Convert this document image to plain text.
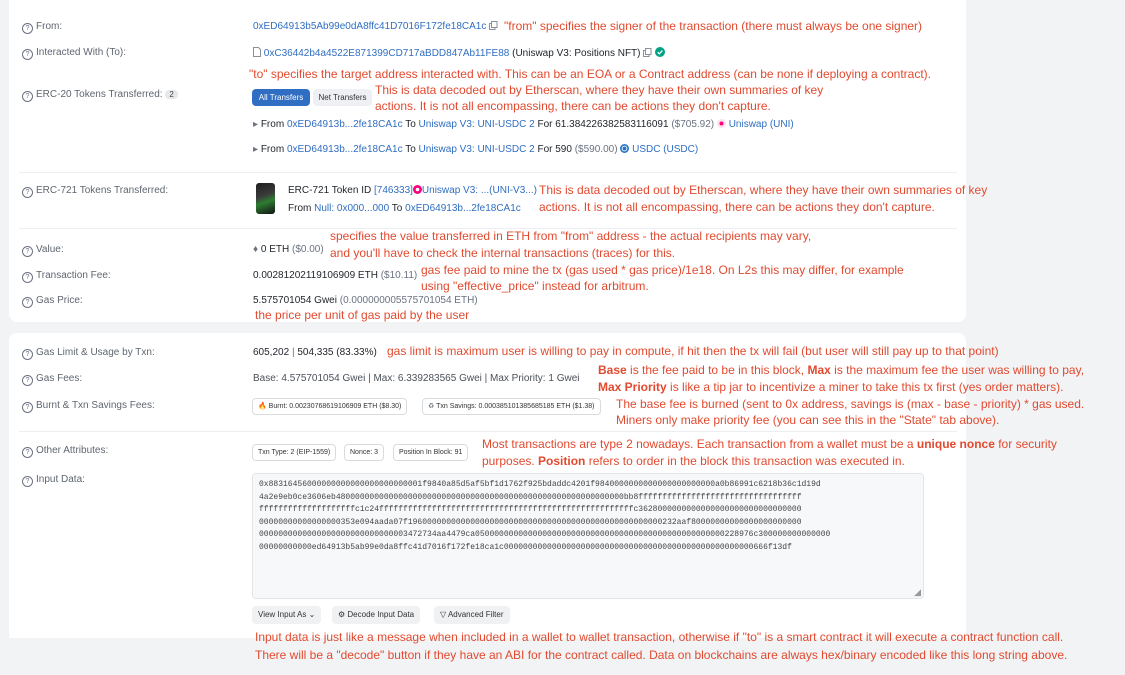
? From:	0xED64913b5Ab99e0dA8ffc41D7016F172fe18CA1c	"from" specifies the signer of the transaction (there must always be one signer)
? Interacted With (To):	0xC36442b4a4522E871399CD717aBDD847Ab11FE88 (Uniswap V3: Positions NFT)
"to" specifies the target address interacted with. This can be an EOA or a Contract address (can be none if deploying a contract).
? ERC-20 Tokens Transferred: 2	All Transfers	Net Transfers
This is data decoded out by Etherscan, where they have their own summaries of key
actions. It is not all encompassing, there can be actions they don't capture.
▸ From 0xED64913b...2fe18CA1c To Uniswap V3: UNI-USDC 2 For 61.384226382583116091 ($705.92) Uniswap (UNI)
▸ From 0xED64913b...2fe18CA1c To Uniswap V3: UNI-USDC 2 For 590 ($590.00) USDC (USDC)
? ERC-721 Tokens Transferred:	ERC-721 Token ID [746333] Uniswap V3: ...(UNI-V3...)
From Null: 0x000...000 To 0xED64913b...2fe18CA1c
This is data decoded out by Etherscan, where they have their own summaries of key
actions. It is not all encompassing, there can be actions they don't capture.
? Value:	♦ 0 ETH ($0.00)
specifies the value transferred in ETH from "from" address - the actual recipients may vary,
and you'll have to check the internal transactions (traces) for this.
? Transaction Fee:	0.00281202119106909 ETH ($10.11) gas fee paid to mine the tx (gas used * gas price)/1e18. On L2s this may differ, for example
using "effective_price" instead for arbitrum.
? Gas Price:	5.575701054 Gwei (0.000000005575701054 ETH)
the price per unit of gas paid by the user
? Gas Limit & Usage by Txn:	605,202 | 504,335 (83.33%) gas limit is maximum user is willing to pay in compute, if hit then the tx will fail (but user will still pay up to that point)
? Gas Fees:	Base: 4.575701054 Gwei | Max: 6.339283565 Gwei | Max Priority: 1 Gwei
Base is the fee paid to be in this block, Max is the maximum fee the user was willing to pay,
Max Priority is like a tip jar to incentivize a miner to take this tx first (yes order matters).
? Burnt & Txn Savings Fees:	🔥 Burnt: 0.00230768619106909 ETH ($8.30)	♻ Txn Savings: 0.000385101385685185 ETH ($1.38)	The base fee is burned (sent to 0x address, savings is (max - base - priority) * gas used.
Miners only make priority fee (you can see this in the "State" tab above).
? Other Attributes:	Txn Type: 2 (EIP-1559)	Nonce: 3	Position In Block: 91
Most transactions are type 2 nowadays. Each transaction from a wallet must be a unique nonce for security
purposes. Position refers to order in the block this transaction was executed in.
? Input Data:	0x88316456000000000000000000000001f9840a85d5af5bf1d1762f925bdaddc4201f9840000000000000000000000a0b86991c6218b36c1d19d
4a2e9eb0ce3606eb480000000000000000000000000000000000000000000000000000000000bb8ffffffffffffffffffffffffffffffffff
ffffffffffffffffffffc1c24fffffffffffffffffffffffffffffffffffffffffffffffffffffc3628000000000000000000000000000000
00000000000000000353e094aada07f19600000000000000000000000000000000000000000000000000232aaf80000000000000000000000
0000000000000000000000000000003472734aa4479ca0500000000000000000000000000000000000000000000000000228976c300000000000000
00000000000ed64913b5ab99e0da8ffc41d7016f172fe18ca1c0000000000000000000000000000000000000000000000000000666f13df
◢
View Input As ⌄	⚙ Decode Input Data	▽ Advanced Filter
Input data is just like a message when included in a wallet to wallet transaction, otherwise if "to" is a smart contract it will execute a contract function call.
There will be a "decode" button if they have an ABI for the contract called. Data on blockchains are always hex/binary encoded like this long string above.
